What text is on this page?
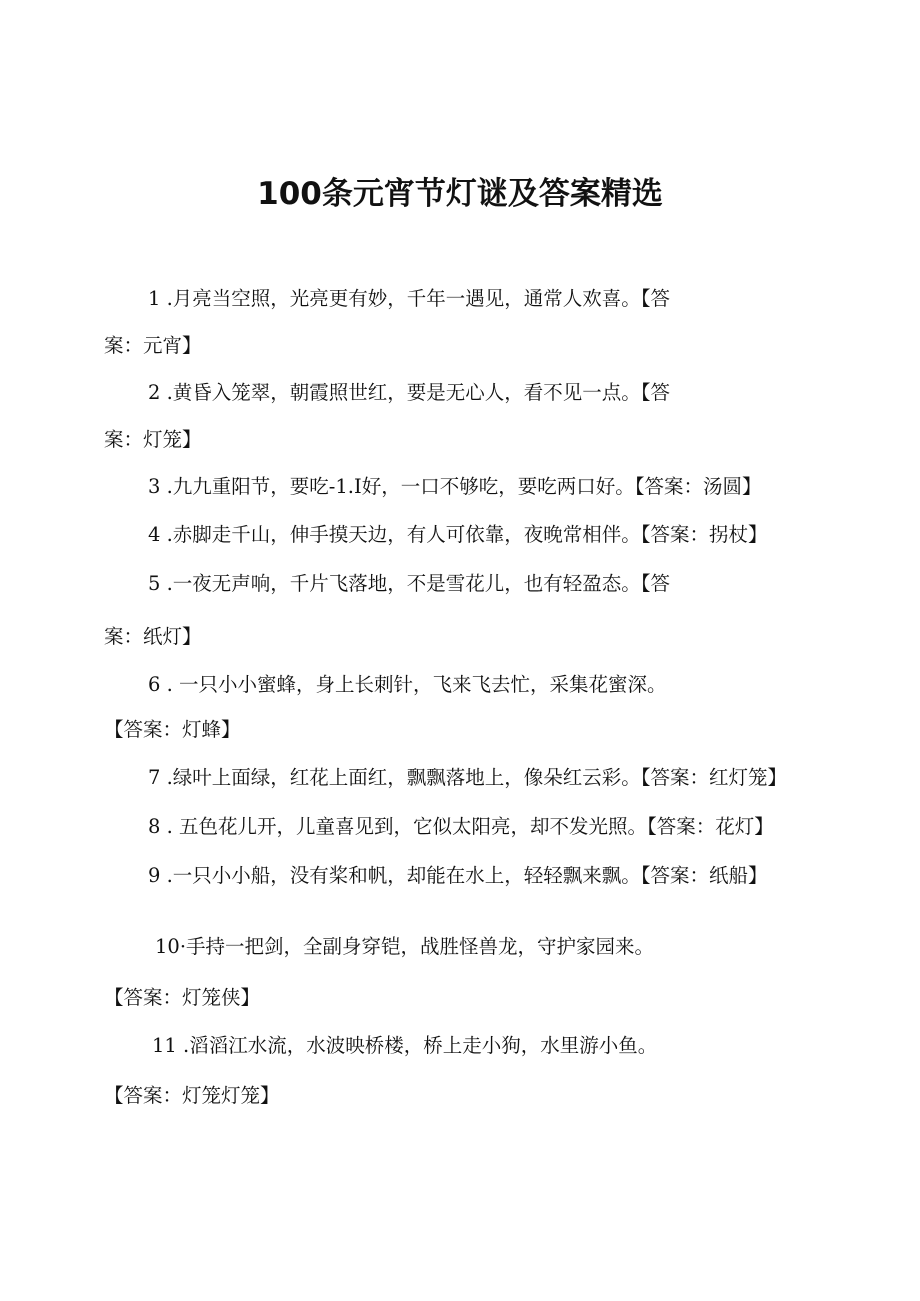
100条元宵节灯谜及答案精选
1 .月亮当空照，光亮更有妙，千年一遇见，通常人欢喜。【答
案：元宵】
2 .黄昏入笼翠，朝霞照世红，要是无心人，看不见一点。【答
案：灯笼】
3 .九九重阳节，要吃-1.I好，一口不够吃，要吃两口好。【答案：汤圆】
4 .赤脚走千山，伸手摸天边，有人可依靠，夜晚常相伴。【答案：拐杖】
5 .一夜无声响，千片飞落地，不是雪花儿，也有轻盈态。【答
案：纸灯】
6 . 一只小小蜜蜂，身上长刺针，飞来飞去忙，采集花蜜深。
【答案：灯蜂】
7 .绿叶上面绿，红花上面红，飘飘落地上，像朵红云彩。【答案：红灯笼】
8 . 五色花儿开，儿童喜见到，它似太阳亮，却不发光照。【答案：花灯】
9 .一只小小船，没有桨和帆，却能在水上，轻轻飘来飘。【答案：纸船】
10·手持一把剑，全副身穿铠，战胜怪兽龙，守护家园来。
【答案：灯笼侠】
11 .滔滔江水流，水波映桥楼，桥上走小狗，水里游小鱼。
【答案：灯笼灯笼】
